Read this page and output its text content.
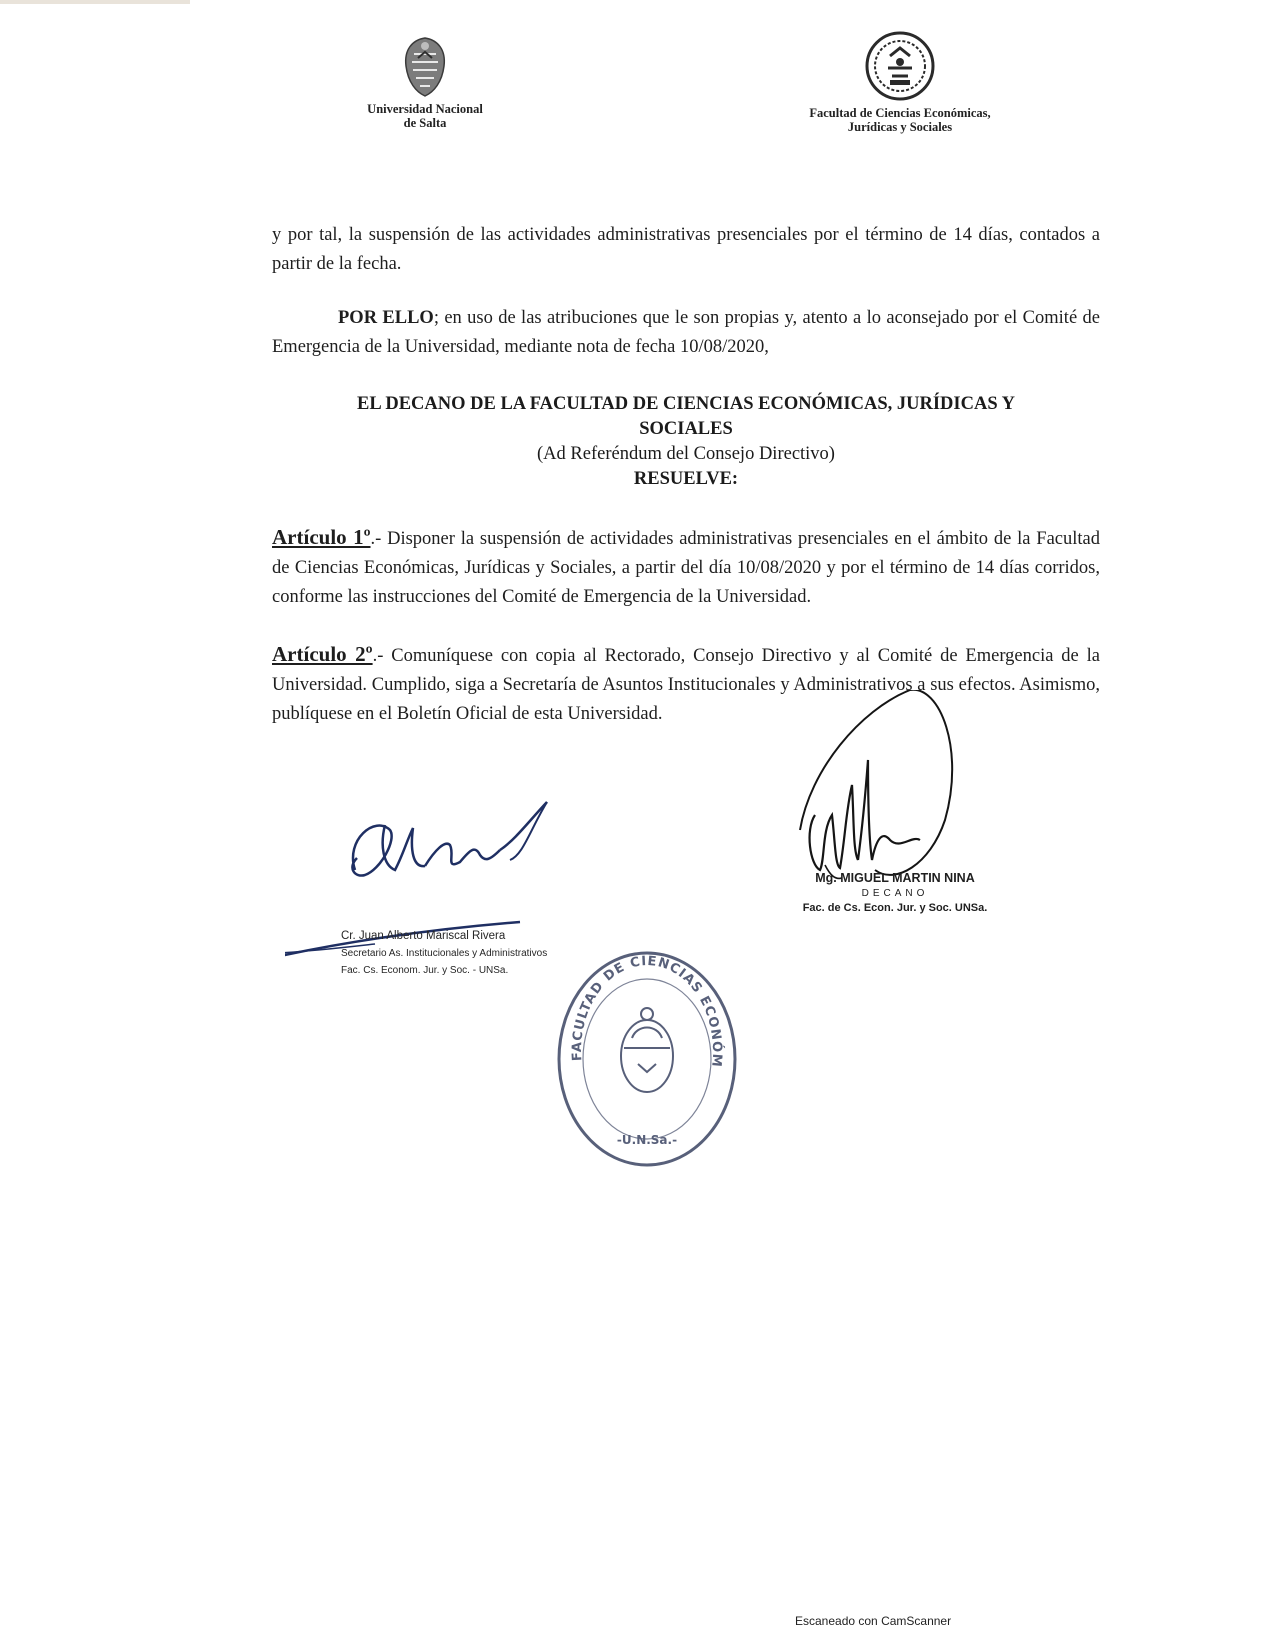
Universidad Nacional
de Salta
Facultad de Ciencias Económicas,
Jurídicas y Sociales
y por tal, la suspensión de las actividades administrativas presenciales por el término de 14 días, contados a partir de la fecha.
POR ELLO; en uso de las atribuciones que le son propias y, atento a lo aconsejado por el Comité de Emergencia de la Universidad, mediante nota de fecha 10/08/2020,
EL DECANO DE LA FACULTAD DE CIENCIAS ECONÓMICAS, JURÍDICAS Y
SOCIALES
(Ad Referéndum del Consejo Directivo)
RESUELVE:
Artículo 1º.- Disponer la suspensión de actividades administrativas presenciales en el ámbito de la Facultad de Ciencias Económicas, Jurídicas y Sociales, a partir del día 10/08/2020 y por el término de 14 días corridos, conforme las instrucciones del Comité de Emergencia de la Universidad.
Artículo 2º.- Comuníquese con copia al Rectorado, Consejo Directivo y al Comité de Emergencia de la Universidad. Cumplido, siga a Secretaría de Asuntos Institucionales y Administrativos a sus efectos. Asimismo, publíquese en el Boletín Oficial de esta Universidad.
Cr. Juan Alberto Mariscal Rivera
Secretario As. Institucionales y Administrativos
Fac. Cs. Econom. Jur. y Soc. - UNSa.
Mg. MIGUEL MARTIN NINA
DECANO
Fac. de Cs. Econ. Jur. y Soc. UNSa.
FACULTAD DE CIENCIAS ECONÓM
-U.N.Sa.-
Escaneado con CamScanner
